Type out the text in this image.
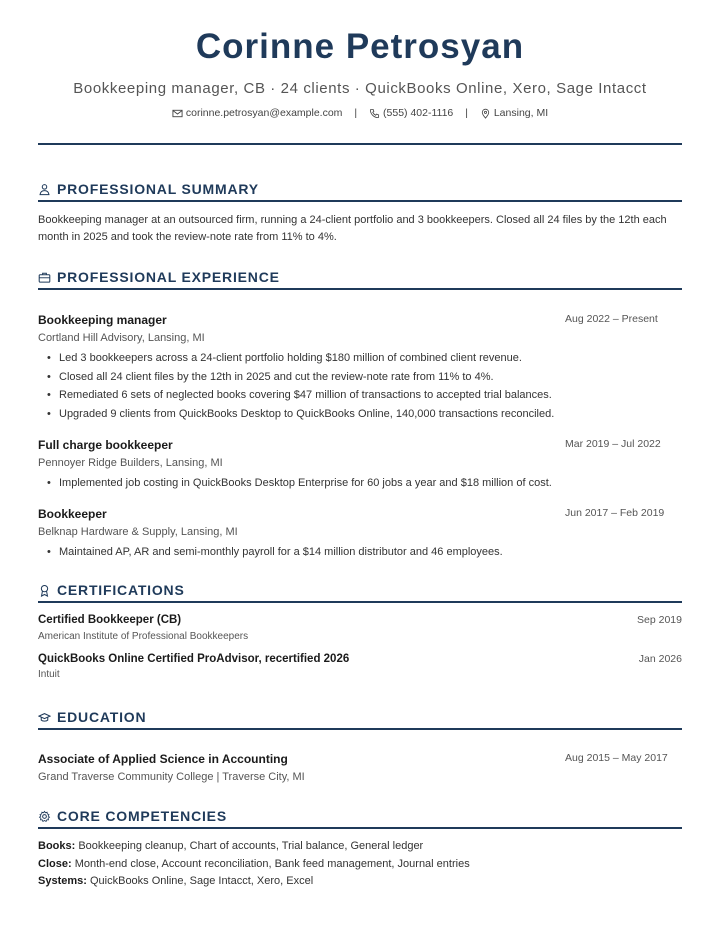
Corinne Petrosyan
Bookkeeping manager, CB · 24 clients · QuickBooks Online, Xero, Sage Intacct
corinne.petrosyan@example.com | (555) 402-1116 | Lansing, MI
PROFESSIONAL SUMMARY
Bookkeeping manager at an outsourced firm, running a 24-client portfolio and 3 bookkeepers. Closed all 24 files by the 12th each month in 2025 and took the review-note rate from 11% to 4%.
PROFESSIONAL EXPERIENCE
Bookkeeping manager	Aug 2022 – Present
Cortland Hill Advisory, Lansing, MI
• Led 3 bookkeepers across a 24-client portfolio holding $180 million of combined client revenue.
• Closed all 24 client files by the 12th in 2025 and cut the review-note rate from 11% to 4%.
• Remediated 6 sets of neglected books covering $47 million of transactions to accepted trial balances.
• Upgraded 9 clients from QuickBooks Desktop to QuickBooks Online, 140,000 transactions reconciled.
Full charge bookkeeper	Mar 2019 – Jul 2022
Pennoyer Ridge Builders, Lansing, MI
• Implemented job costing in QuickBooks Desktop Enterprise for 60 jobs a year and $18 million of cost.
Bookkeeper	Jun 2017 – Feb 2019
Belknap Hardware & Supply, Lansing, MI
• Maintained AP, AR and semi-monthly payroll for a $14 million distributor and 46 employees.
CERTIFICATIONS
Certified Bookkeeper (CB)	Sep 2019
American Institute of Professional Bookkeepers
QuickBooks Online Certified ProAdvisor, recertified 2026	Jan 2026
Intuit
EDUCATION
Associate of Applied Science in Accounting	Aug 2015 – May 2017
Grand Traverse Community College | Traverse City, MI
CORE COMPETENCIES
Books: Bookkeeping cleanup, Chart of accounts, Trial balance, General ledger
Close: Month-end close, Account reconciliation, Bank feed management, Journal entries
Systems: QuickBooks Online, Sage Intacct, Xero, Excel
